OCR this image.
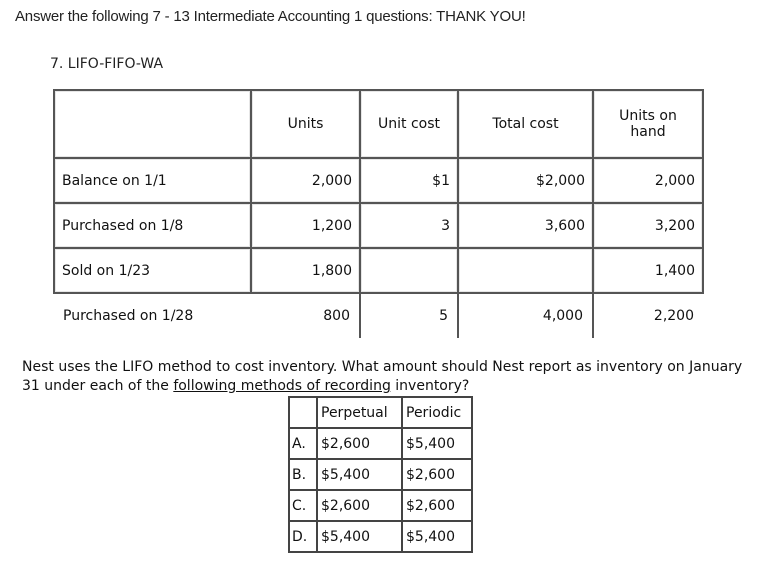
Answer the following 7 - 13 Intermediate Accounting 1 questions: THANK YOU!
7. LIFO-FIFO-WA
	Units	Unit cost	Total cost	Units on hand
Balance on 1/1	2,000	$1	$2,000	2,000
Purchased on 1/8	1,200	3	3,600	3,200
Sold on 1/23	1,800			1,400
Purchased on 1/28	800	5	4,000	2,200
Nest uses the LIFO method to cost inventory. What amount should Nest report as inventory on January 31 under each of the following methods of recording inventory?
	Perpetual	Periodic
A.	$2,600	$5,400
B.	$5,400	$2,600
C.	$2,600	$2,600
D.	$5,400	$5,400
